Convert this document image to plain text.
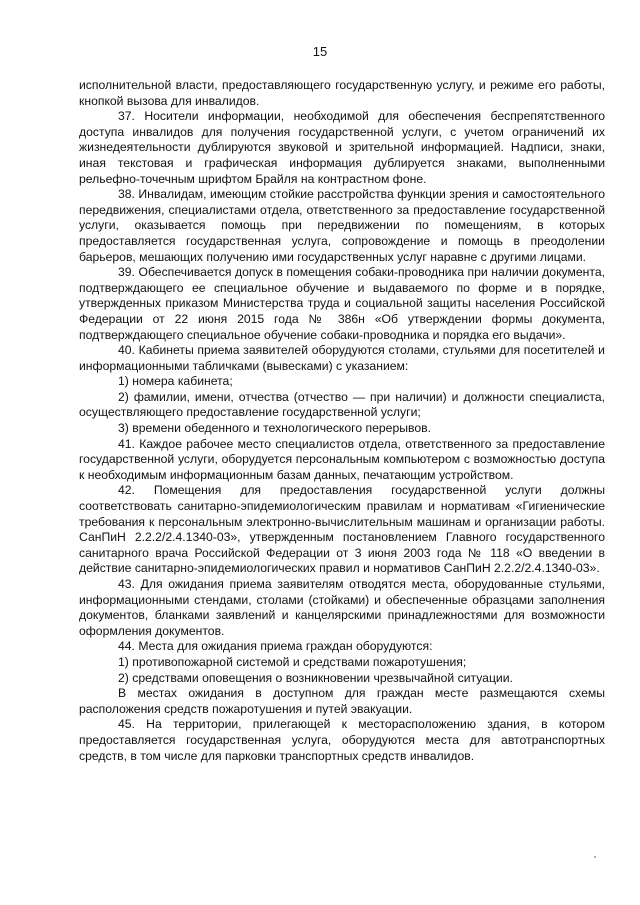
15

исполнительной власти, предоставляющего государственную услугу, и режиме его работы, кнопкой вызова для инвалидов.

37. Носители информации, необходимой для обеспечения беспрепятственного доступа инвалидов для получения государственной услуги, с учетом ограничений их жизнедеятельности дублируются звуковой и зрительной информацией. Надписи, знаки, иная текстовая и графическая информация дублируется знаками, выполненными рельефно-точечным шрифтом Брайля на контрастном фоне.

38. Инвалидам, имеющим стойкие расстройства функции зрения и самостоятельного передвижения, специалистами отдела, ответственного за предоставление государственной услуги, оказывается помощь при передвижении по помещениям, в которых предоставляется государственная услуга, сопровождение и помощь в преодолении барьеров, мешающих получению ими государственных услуг наравне с другими лицами.

39. Обеспечивается допуск в помещения собаки-проводника при наличии документа, подтверждающего ее специальное обучение и выдаваемого по форме и в порядке, утвержденных приказом Министерства труда и социальной защиты населения Российской Федерации от 22 июня 2015 года № 386н «Об утверждении формы документа, подтверждающего специальное обучение собаки-проводника и порядка его выдачи».

40. Кабинеты приема заявителей оборудуются столами, стульями для посетителей и информационными табличками (вывесками) с указанием:

1) номера кабинета;

2) фамилии, имени, отчества (отчество — при наличии) и должности специалиста, осуществляющего предоставление государственной услуги;

3) времени обеденного и технологического перерывов.

41. Каждое рабочее место специалистов отдела, ответственного за предоставление государственной услуги, оборудуется персональным компьютером с возможностью доступа к необходимым информационным базам данных, печатающим устройством.

42. Помещения для предоставления государственной услуги должны соответствовать санитарно-эпидемиологическим правилам и нормативам «Гигиенические требования к персональным электронно-вычислительным машинам и организации работы. СанПиН 2.2.2/2.4.1340-03», утвержденным постановлением Главного государственного санитарного врача Российской Федерации от 3 июня 2003 года № 118 «О введении в действие санитарно-эпидемиологических правил и нормативов СанПиН 2.2.2/2.4.1340-03».

43. Для ожидания приема заявителям отводятся места, оборудованные стульями, информационными стендами, столами (стойками) и обеспеченные образцами заполнения документов, бланками заявлений и канцелярскими принадлежностями для возможности оформления документов.

44. Места для ожидания приема граждан оборудуются:

1) противопожарной системой и средствами пожаротушения;

2) средствами оповещения о возникновении чрезвычайной ситуации.

В местах ожидания в доступном для граждан месте размещаются схемы расположения средств пожаротушения и путей эвакуации.

45. На территории, прилегающей к месторасположению здания, в котором предоставляется государственная услуга, оборудуются места для автотранспортных средств, в том числе для парковки транспортных средств инвалидов.
